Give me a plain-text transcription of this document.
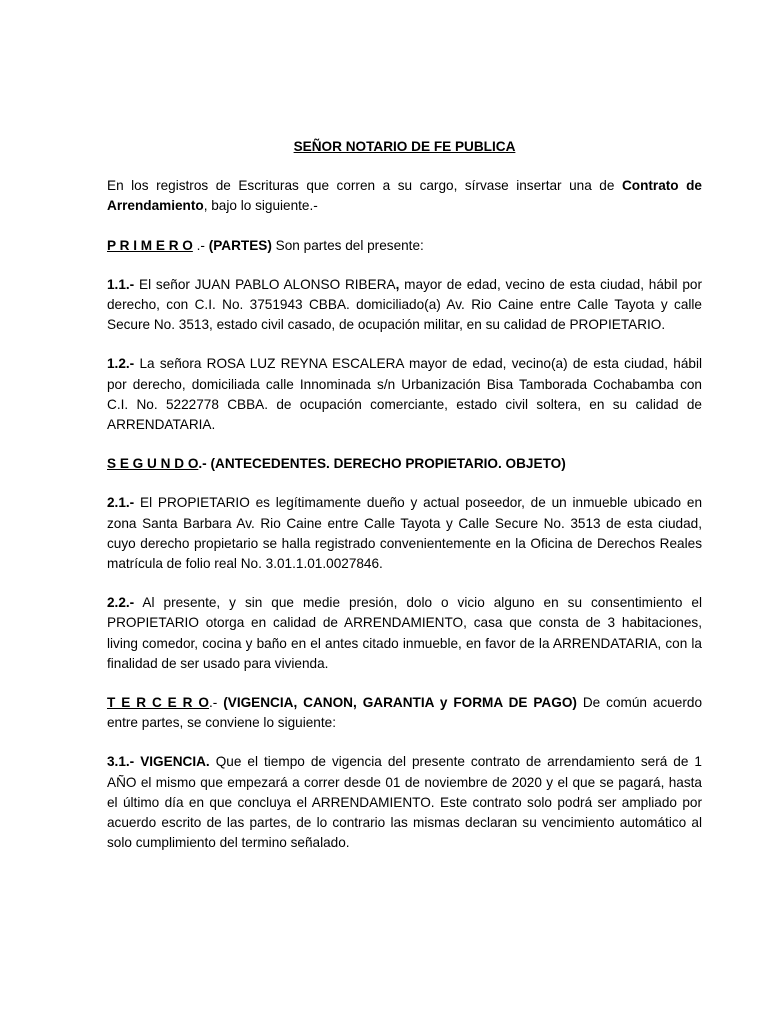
SEÑOR NOTARIO DE FE PUBLICA

En los registros de Escrituras que corren a su cargo, sírvase insertar una de Contrato de Arrendamiento, bajo lo siguiente.-

P R I M E R O .- (PARTES) Son partes del presente:

1.1.- El señor JUAN PABLO ALONSO RIBERA, mayor de edad, vecino de esta ciudad, hábil por derecho, con C.I. No. 3751943 CBBA. domiciliado(a) Av. Rio Caine entre Calle Tayota y calle Secure No. 3513, estado civil casado, de ocupación militar, en su calidad de PROPIETARIO.

1.2.- La señora ROSA LUZ REYNA ESCALERA mayor de edad, vecino(a) de esta ciudad, hábil por derecho, domiciliada calle Innominada s/n Urbanización Bisa Tamborada Cochabamba con C.I. No. 5222778 CBBA. de ocupación comerciante, estado civil soltera, en su calidad de ARRENDATARIA.

S E G U N D O.- (ANTECEDENTES. DERECHO PROPIETARIO. OBJETO)

2.1.- El PROPIETARIO es legítimamente dueño y actual poseedor, de un inmueble ubicado en zona Santa Barbara Av. Rio Caine entre Calle Tayota y Calle Secure No. 3513 de esta ciudad, cuyo derecho propietario se halla registrado convenientemente en la Oficina de Derechos Reales matrícula de folio real No. 3.01.1.01.0027846.

2.2.- Al presente, y sin que medie presión, dolo o vicio alguno en su consentimiento el PROPIETARIO otorga en calidad de ARRENDAMIENTO, casa que consta de 3 habitaciones, living comedor, cocina y baño en el antes citado inmueble, en favor de la ARRENDATARIA, con la finalidad de ser usado para vivienda.

T E R C E R O.- (VIGENCIA, CANON, GARANTIA y FORMA DE PAGO) De común acuerdo entre partes, se conviene lo siguiente:

3.1.- VIGENCIA. Que el tiempo de vigencia del presente contrato de arrendamiento será de 1 AÑO el mismo que empezará a correr desde 01 de noviembre de 2020 y el que se pagará, hasta el último día en que concluya el ARRENDAMIENTO. Este contrato solo podrá ser ampliado por acuerdo escrito de las partes, de lo contrario las mismas declaran su vencimiento automático al solo cumplimiento del termino señalado.
